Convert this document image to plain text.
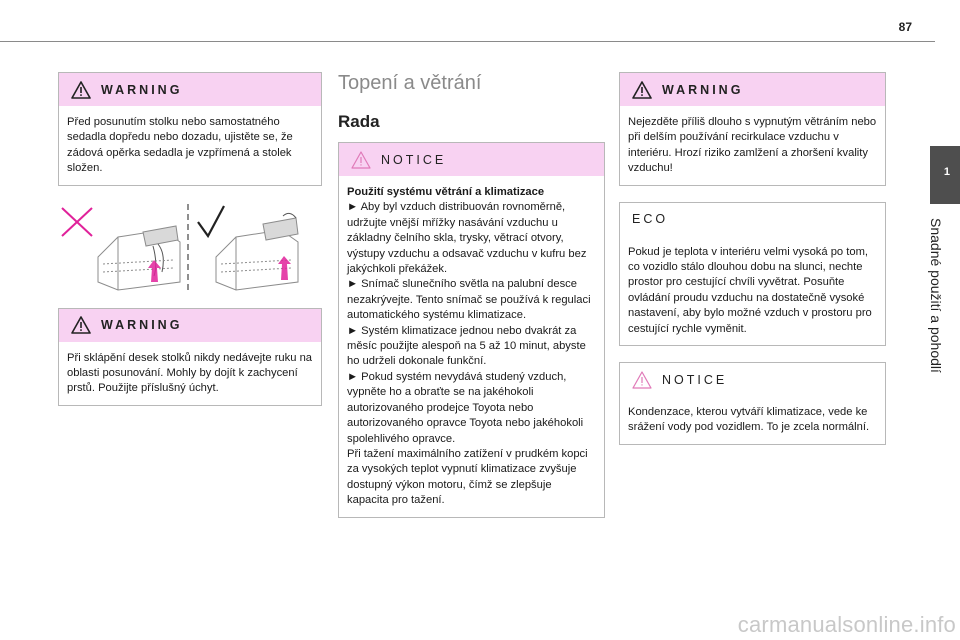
87
1
Snadné použití a pohodlí
WARNING

Před posunutím stolku nebo samostatného sedadla dopředu nebo dozadu, ujistěte se, že zádová opěrka sedadla je vzpřímená a stolek složen.

WARNING

Při sklápění desek stolků nikdy nedávejte ruku na oblasti posunování. Mohly by dojít k zachycení prstů. Použijte příslušný úchyt.

Topení a větrání
Rada
NOTICE

Použití systému větrání a klimatizace

► Aby byl vzduch distribuován rovnoměrně, udržujte vnější mřížky nasávání vzduchu u základny čelního skla, trysky, větrací otvory, výstupy vzduchu a odsavač vzduchu v kufru bez jakýchkoli překážek.

► Snímač slunečního světla na palubní desce nezakrývejte. Tento snímač se používá k regulaci automatického systému klimatizace.

► Systém klimatizace jednou nebo dvakrát za měsíc použijte alespoň na 5 až 10 minut, abyste ho udrželi dokonale funkční.

► Pokud systém nevydává studený vzduch, vypněte ho a obraťte se na jakéhokoli autorizovaného prodejce Toyota nebo autorizovaného opravce Toyota nebo jakéhokoli spolehlivého opravce.

Při tažení maximálního zatížení v prudkém kopci za vysokých teplot vypnutí klimatizace zvyšuje dostupný výkon motoru, čímž se zlepšuje kapacita pro tažení.

WARNING

Nejezděte příliš dlouho s vypnutým větráním nebo při delším používání recirkulace vzduchu v interiéru. Hrozí riziko zamlžení a zhoršení kvality vzduchu!

ECO

Pokud je teplota v interiéru velmi vysoká po tom, co vozidlo stálo dlouhou dobu na slunci, nechte prostor pro cestující chvíli vyvětrat. Posuňte ovládání proudu vzduchu na dostatečně vysoké nastavení, aby bylo možné vzduch v prostoru pro cestující rychle vyměnit.

NOTICE

Kondenzace, kterou vytváří klimatizace, vede ke srážení vody pod vozidlem. To je zcela normální.

carmanualsonline.info
